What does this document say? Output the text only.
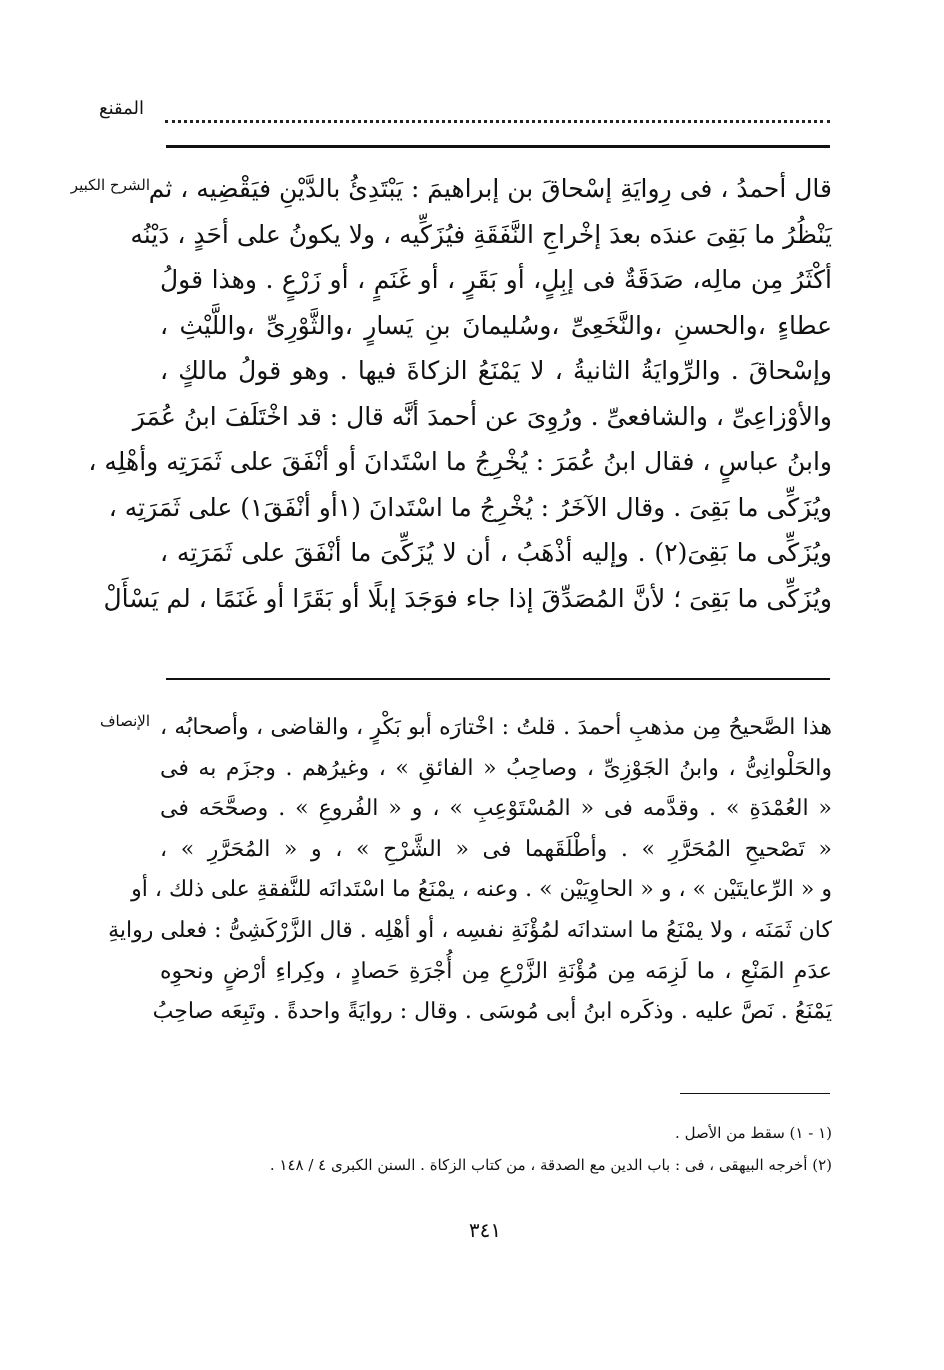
المقنع
الشرح الكبير
قال أحمدُ ، فى رِوايَةِ إسْحاقَ بن إبراهيمَ : يَبْتَدِئُ بالدَّيْنِ فيَقْضِيه ، ثم
يَنْظُرُ ما بَقِىَ عندَه بعدَ إخْراجِ النَّفَقَةِ فيُزَكِّيه ، ولا يكونُ على أحَدٍ ، دَيْنُه
أكْثَرُ مِن مالِه، صَدَقَةٌ فى إبِلٍ، أو بَقَرٍ ، أو غَنَمٍ ، أو زَرْعٍ . وهذا قولُ
عطاءٍ ،والحسنِ ،والنَّخَعِىِّ ،وسُليمانَ بنِ يَسارٍ ،والثَّوْرِىِّ ،واللَّيْثِ ،
وإسْحاقَ . والرِّوايَةُ الثانيةُ ، لا يَمْنَعُ الزكاةَ فيها . وهو قولُ مالكٍ ،
والأوْزاعِىِّ ، والشافعىِّ . ورُوِىَ عن أحمدَ أنَّه قال : قد اخْتَلَفَ ابنُ عُمَرَ
وابنُ عباسٍ ، فقال ابنُ عُمَرَ : يُخْرِجُ ما اسْتَدانَ أو أنْفَقَ على ثَمَرَتِه وأهْلِه ،
ويُزَكِّى ما بَقِىَ . وقال الآخَرُ : يُخْرِجُ ما اسْتَدانَ (١أو أنْفَقَ١) على ثَمَرَتِه ،
ويُزَكِّى ما بَقِىَ(٢) . وإليه أذْهَبُ ، أن لا يُزَكِّىَ ما أنْفَقَ على ثَمَرَتِه ،
ويُزَكِّى ما بَقِىَ ؛ لأنَّ المُصَدِّقَ إذا جاء فوَجَدَ إبلًا أو بَقَرًا أو غَنَمًا ، لم يَسْأَلْ
الإنصاف هذا الصَّحيحُ مِن مذهبِ أحمدَ . قلتُ : اخْتارَه أبو بَكْرٍ ، والقاضى ، وأصحابُه ،
والحَلْوانِىُّ ، وابنُ الجَوْزِىِّ ، وصاحِبُ « الفائقِ » ، وغيرُهم . وجزَم به فى
« العُمْدَةِ » . وقدَّمه فى « المُسْتَوْعِبِ » ، و « الفُروعِ » . وصحَّحَه فى
« تَصْحيحِ المُحَرَّرِ » . وأطْلَقَهما فى « الشَّرْحِ » ، و « المُحَرَّرِ » ،
و « الرِّعايتَيْن » ، و « الحاوِيَيْن » . وعنه ، يمْنَعُ ما اسْتَدانَه للنَّفقةِ على ذلك ، أو
كان ثَمَنَه ، ولا يمْنَعُ ما استدانَه لمُؤْنَةِ نفسِه ، أو أهْلِه . قال الزَّرْكَشِىُّ : فعلى روايةِ
عدَمِ المَنْعِ ، ما لَزِمَه مِن مُؤْنَةِ الزَّرْعِ مِن أُجْرَةِ حَصادٍ ، وكِراءِ أرْضٍ ونحوِه
يَمْنَعُ . نَصَّ عليه . وذكَره ابنُ أبى مُوسَى . وقال : روايَةً واحدةً . وتَبِعَه صاحِبُ
(١ - ١) سقط من الأصل .
(٢) أخرجه البيهقى ، فى : باب الدين مع الصدقة ، من كتاب الزكاة . السنن الكبرى ٤ / ١٤٨ .
٣٤١
